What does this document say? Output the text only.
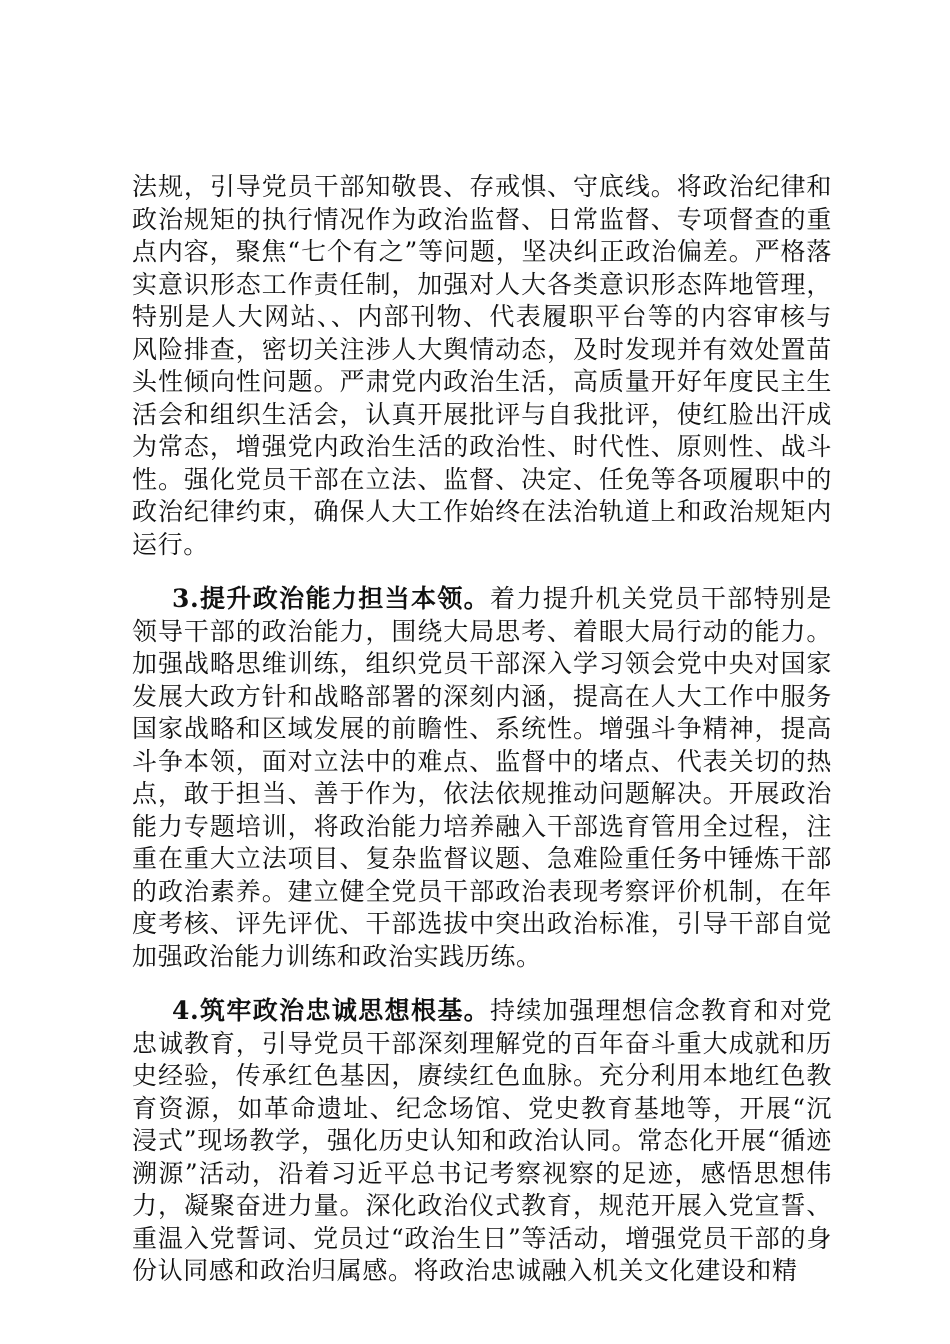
法规，引导党员干部知敬畏、存戒惧、守底线。将政治纪律和政治规矩的执行情况作为政治监督、日常监督、专项督查的重点内容，聚焦“七个有之”等问题，坚决纠正政治偏差。严格落实意识形态工作责任制，加强对人大各类意识形态阵地管理，特别是人大网站、、内部刊物、代表履职平台等的内容审核与风险排查，密切关注涉人大舆情动态，及时发现并有效处置苗头性倾向性问题。严肃党内政治生活，高质量开好年度民主生活会和组织生活会，认真开展批评与自我批评，使红脸出汗成为常态，增强党内政治生活的政治性、时代性、原则性、战斗性。强化党员干部在立法、监督、决定、任免等各项履职中的政治纪律约束，确保人大工作始终在法治轨道上和政治规矩内运行。

3.提升政治能力担当本领。着力提升机关党员干部特别是领导干部的政治能力，围绕大局思考、着眼大局行动的能力。加强战略思维训练，组织党员干部深入学习领会党中央对国家发展大政方针和战略部署的深刻内涵，提高在人大工作中服务国家战略和区域发展的前瞻性、系统性。增强斗争精神，提高斗争本领，面对立法中的难点、监督中的堵点、代表关切的热点，敢于担当、善于作为，依法依规推动问题解决。开展政治能力专题培训，将政治能力培养融入干部选育管用全过程，注重在重大立法项目、复杂监督议题、急难险重任务中锤炼干部的政治素养。建立健全党员干部政治表现考察评价机制，在年度考核、评先评优、干部选拔中突出政治标准，引导干部自觉加强政治能力训练和政治实践历练。

4.筑牢政治忠诚思想根基。持续加强理想信念教育和对党忠诚教育，引导党员干部深刻理解党的百年奋斗重大成就和历史经验，传承红色基因，赓续红色血脉。充分利用本地红色教育资源，如革命遗址、纪念场馆、党史教育基地等，开展“沉浸式”现场教学，强化历史认知和政治认同。常态化开展“循迹溯源”活动，沿着习近平总书记考察视察的足迹，感悟思想伟力，凝聚奋进力量。深化政治仪式教育，规范开展入党宣誓、重温入党誓词、党员过“政治生日”等活动，增强党员干部的身份认同感和政治归属感。将政治忠诚融入机关文化建设和精
